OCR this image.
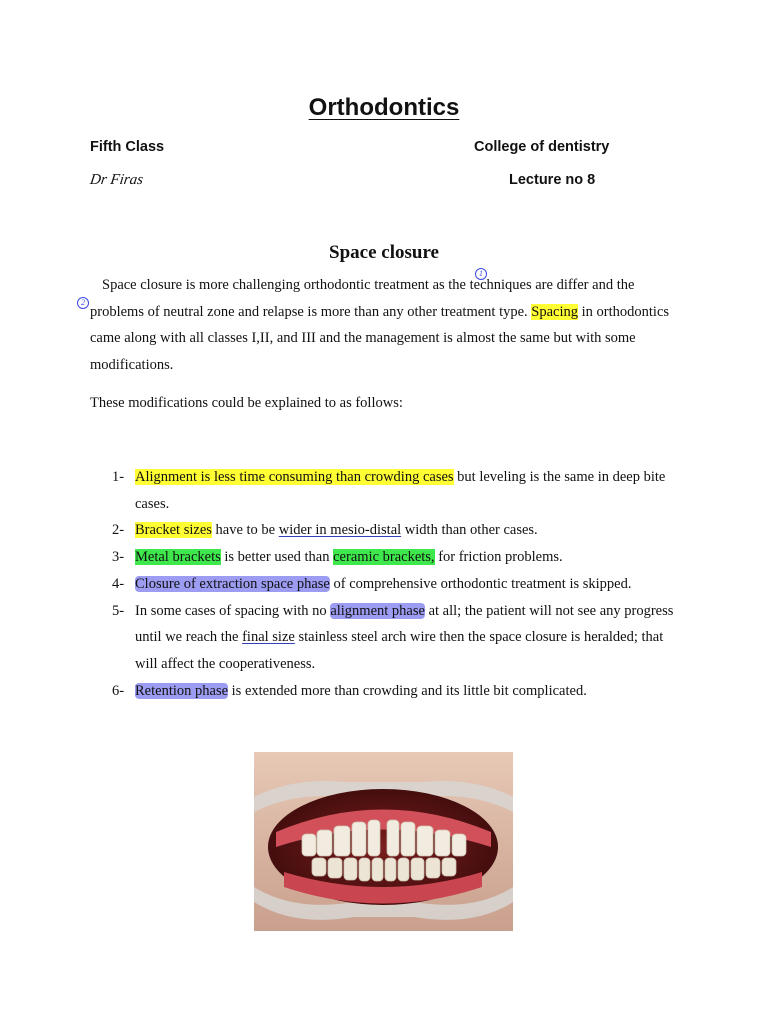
Orthodontics
Fifth Class	College of dentistry
Dr Firas	Lecture no 8
Space closure
1
2

Space closure is more challenging orthodontic treatment as the techniques are differ and the problems of neutral zone and relapse is more than any other treatment type. Spacing in orthodontics came along with all classes I,II, and III and the management is almost the same but with some modifications.

These modifications could be explained to as follows:

1- Alignment is less time consuming than crowding cases but leveling is the same in deep bite cases.
2- Bracket sizes have to be wider in mesio-distal width than other cases.
3- Metal brackets is better used than ceramic brackets, for friction problems.
4- Closure of extraction space phase of comprehensive orthodontic treatment is skipped.
5- In some cases of spacing with no alignment phase at all; the patient will not see any progress until we reach the final size stainless steel arch wire then the space closure is heralded; that will affect the cooperativeness.
6- Retention phase is extended more than crowding and its little bit complicated.
